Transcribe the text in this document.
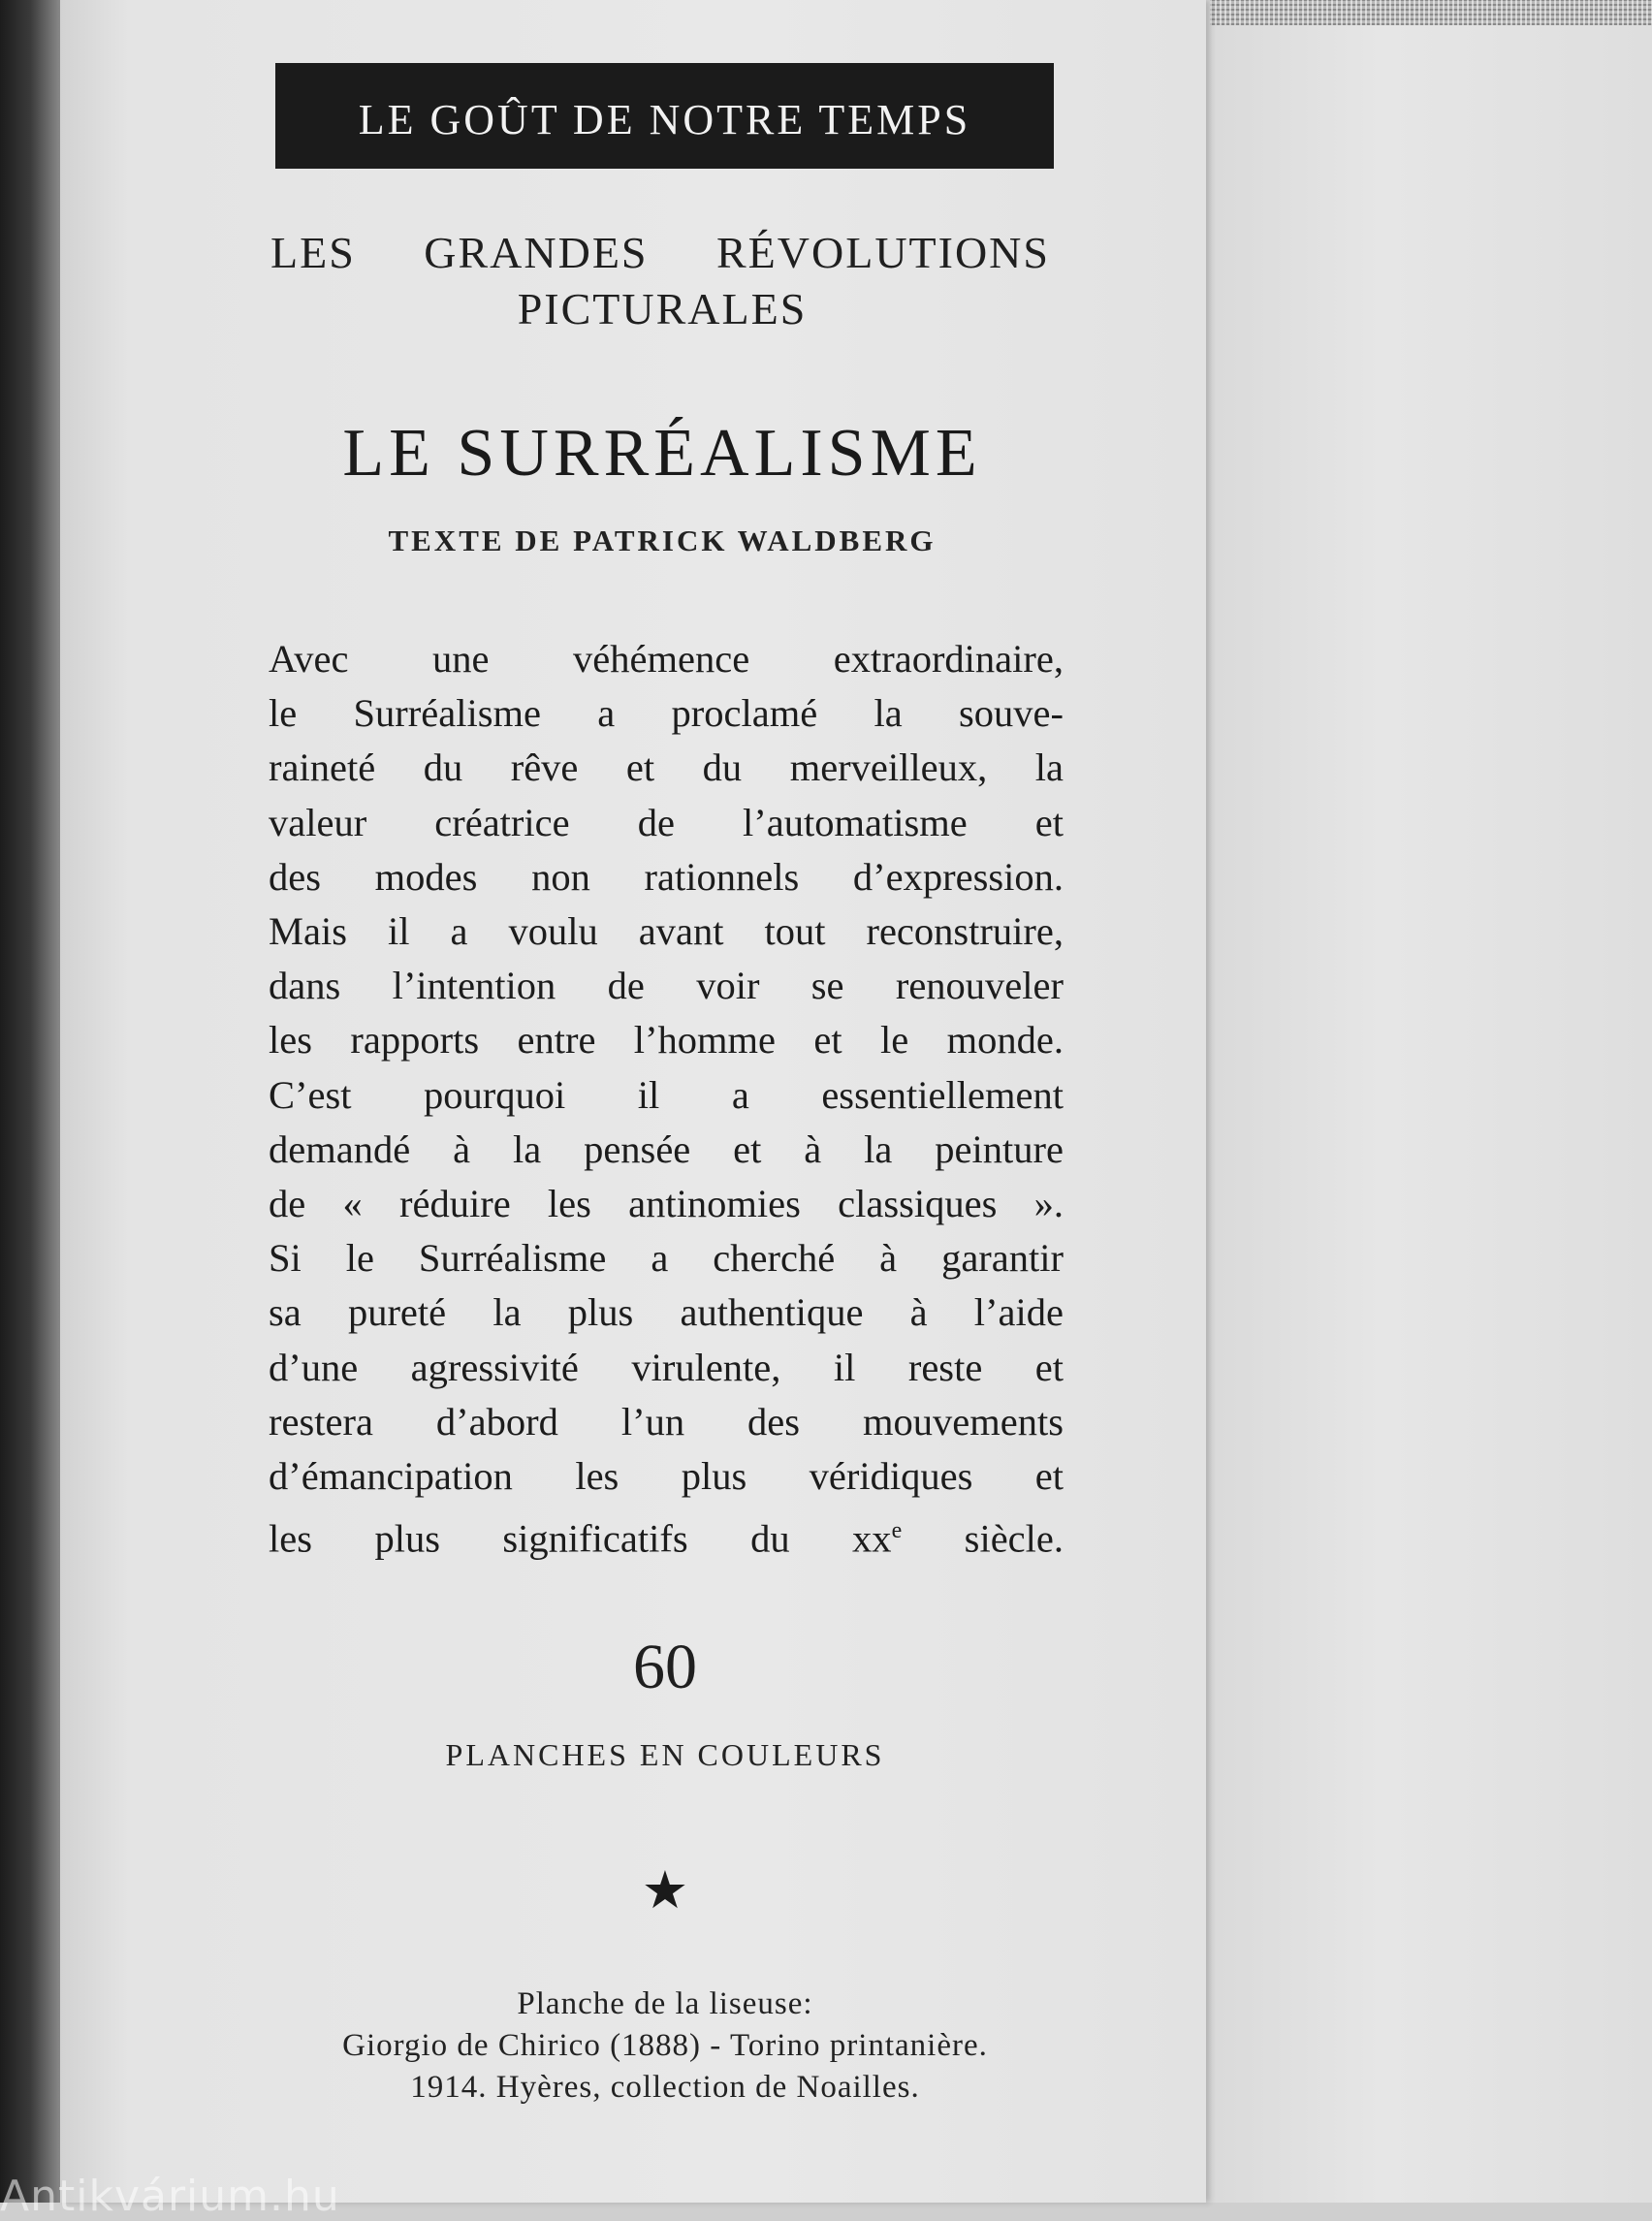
LE GOÛT DE NOTRE TEMPS
LES GRANDES RÉVOLUTIONS
PICTURALES
LE SURRÉALISME
TEXTE DE PATRICK WALDBERG
Avec une véhémence extraordinaire,
le Surréalisme a proclamé la souve-
raineté du rêve et du merveilleux, la
valeur créatrice de l’automatisme et
des modes non rationnels d’expression.
Mais il a voulu avant tout reconstruire,
dans l’intention de voir se renouveler
les rapports entre l’homme et le monde.
C’est pourquoi il a essentiellement
demandé à la pensée et à la peinture
de « réduire les antinomies classiques ».
Si le Surréalisme a cherché à garantir
sa pureté la plus authentique à l’aide
d’une agressivité virulente, il reste et
restera d’abord l’un des mouvements
d’émancipation les plus véridiques et
les plus significatifs du $xx^e$ siècle.
60
PLANCHES EN COULEURS
★
Planche de la liseuse:
Giorgio de Chirico (1888) - Torino printanière.
1914. Hyères, collection de Noailles.
Antikvárium.hu
